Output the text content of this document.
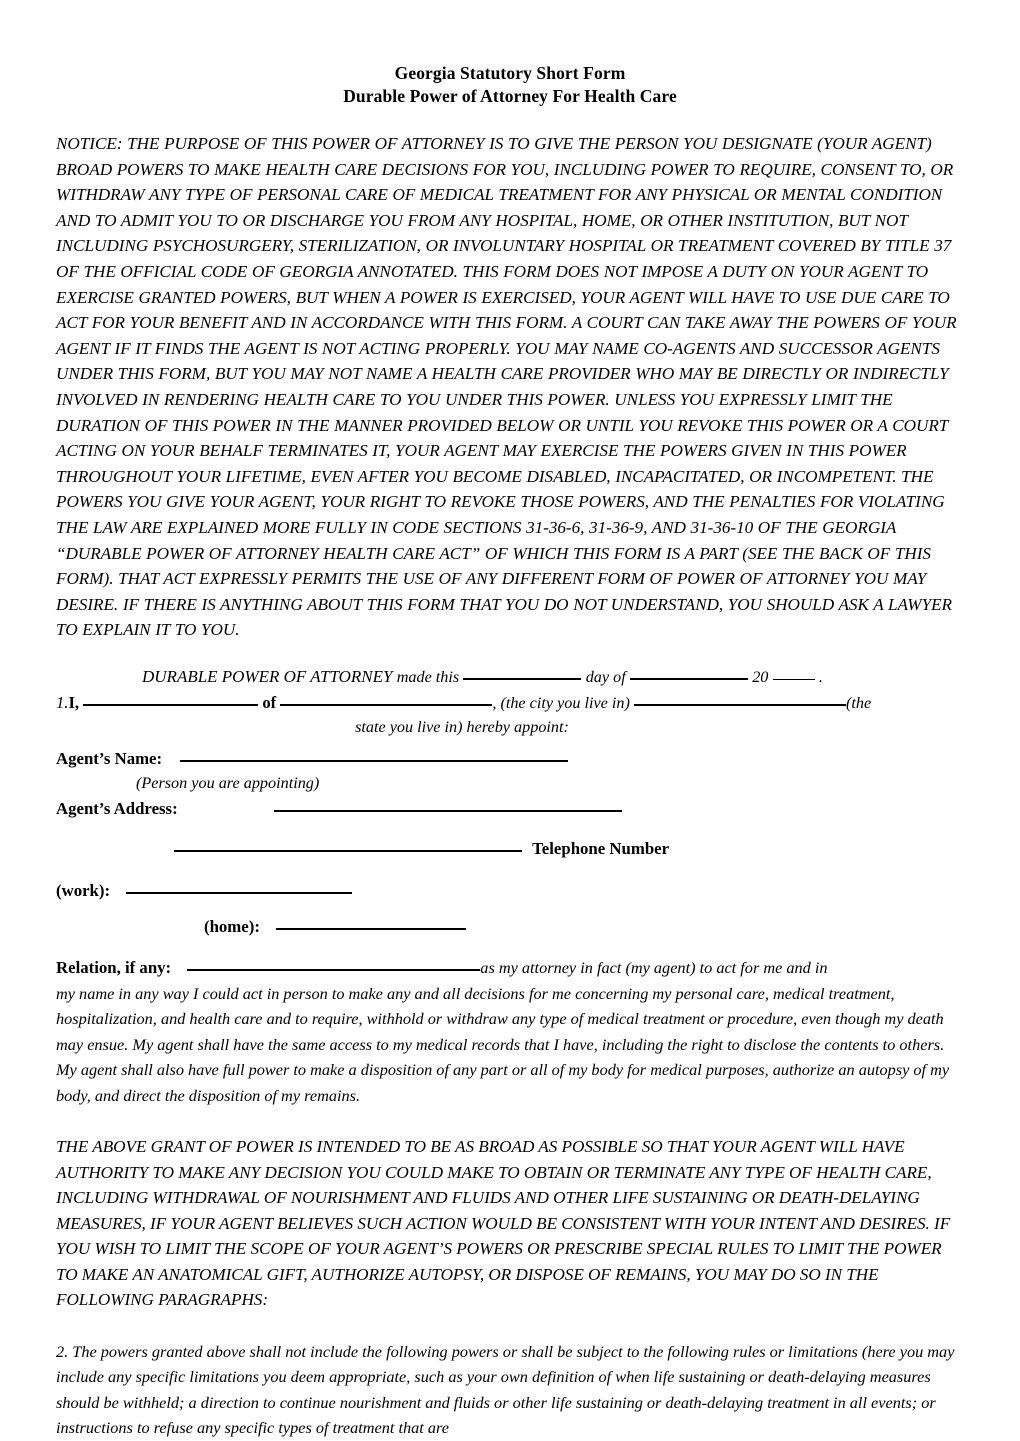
Georgia Statutory Short Form
Durable Power of Attorney For Health Care
NOTICE: THE PURPOSE OF THIS POWER OF ATTORNEY IS TO GIVE THE PERSON YOU DESIGNATE (YOUR AGENT) BROAD POWERS TO MAKE HEALTH CARE DECISIONS FOR YOU, INCLUDING POWER TO REQUIRE, CONSENT TO, OR WITHDRAW ANY TYPE OF PERSONAL CARE OF MEDICAL TREATMENT FOR ANY PHYSICAL OR MENTAL CONDITION AND TO ADMIT YOU TO OR DISCHARGE YOU FROM ANY HOSPITAL, HOME, OR OTHER INSTITUTION, BUT NOT INCLUDING PSYCHOSURGERY, STERILIZATION, OR INVOLUNTARY HOSPITAL OR TREATMENT COVERED BY TITLE 37 OF THE OFFICIAL CODE OF GEORGIA ANNOTATED. THIS FORM DOES NOT IMPOSE A DUTY ON YOUR AGENT TO EXERCISE GRANTED POWERS, BUT WHEN A POWER IS EXERCISED, YOUR AGENT WILL HAVE TO USE DUE CARE TO ACT FOR YOUR BENEFIT AND IN ACCORDANCE WITH THIS FORM. A COURT CAN TAKE AWAY THE POWERS OF YOUR AGENT IF IT FINDS THE AGENT IS NOT ACTING PROPERLY. YOU MAY NAME CO-AGENTS AND SUCCESSOR AGENTS UNDER THIS FORM, BUT YOU MAY NOT NAME A HEALTH CARE PROVIDER WHO MAY BE DIRECTLY OR INDIRECTLY INVOLVED IN RENDERING HEALTH CARE TO YOU UNDER THIS POWER. UNLESS YOU EXPRESSLY LIMIT THE DURATION OF THIS POWER IN THE MANNER PROVIDED BELOW OR UNTIL YOU REVOKE THIS POWER OR A COURT ACTING ON YOUR BEHALF TERMINATES IT, YOUR AGENT MAY EXERCISE THE POWERS GIVEN IN THIS POWER THROUGHOUT YOUR LIFETIME, EVEN AFTER YOU BECOME DISABLED, INCAPACITATED, OR INCOMPETENT. THE POWERS YOU GIVE YOUR AGENT, YOUR RIGHT TO REVOKE THOSE POWERS, AND THE PENALTIES FOR VIOLATING THE LAW ARE EXPLAINED MORE FULLY IN CODE SECTIONS 31-36-6, 31-36-9, AND 31-36-10 OF THE GEORGIA “DURABLE POWER OF ATTORNEY HEALTH CARE ACT” OF WHICH THIS FORM IS A PART (SEE THE BACK OF THIS FORM). THAT ACT EXPRESSLY PERMITS THE USE OF ANY DIFFERENT FORM OF POWER OF ATTORNEY YOU MAY DESIRE. IF THERE IS ANYTHING ABOUT THIS FORM THAT YOU DO NOT UNDERSTAND, YOU SHOULD ASK A LAWYER TO EXPLAIN IT TO YOU.
DURABLE POWER OF ATTORNEY made this	day of	20	.
1.I,	of	, (the city you live in)	(the
state you live in) hereby appoint:
Agent’s Name:
(Person you are appointing)
Agent’s Address:
Telephone Number
(work):
(home):
Relation, if any:	as my attorney in fact (my agent) to act for me and in
my name in any way I could act in person to make any and all decisions for me concerning my personal care, medical treatment, hospitalization, and health care and to require, withhold or withdraw any type of medical treatment or procedure, even though my death may ensue. My agent shall have the same access to my medical records that I have, including the right to disclose the contents to others. My agent shall also have full power to make a disposition of any part or all of my body for medical purposes, authorize an autopsy of my body, and direct the disposition of my remains.
THE ABOVE GRANT OF POWER IS INTENDED TO BE AS BROAD AS POSSIBLE SO THAT YOUR AGENT WILL HAVE AUTHORITY TO MAKE ANY DECISION YOU COULD MAKE TO OBTAIN OR TERMINATE ANY TYPE OF HEALTH CARE, INCLUDING WITHDRAWAL OF NOURISHMENT AND FLUIDS AND OTHER LIFE SUSTAINING OR DEATH-DELAYING MEASURES, IF YOUR AGENT BELIEVES SUCH ACTION WOULD BE CONSISTENT WITH YOUR INTENT AND DESIRES. IF YOU WISH TO LIMIT THE SCOPE OF YOUR AGENT’S POWERS OR PRESCRIBE SPECIAL RULES TO LIMIT THE POWER TO MAKE AN ANATOMICAL GIFT, AUTHORIZE AUTOPSY, OR DISPOSE OF REMAINS, YOU MAY DO SO IN THE FOLLOWING PARAGRAPHS:
2. The powers granted above shall not include the following powers or shall be subject to the following rules or limitations (here you may include any specific limitations you deem appropriate, such as your own definition of when life sustaining or death-delaying measures should be withheld; a direction to continue nourishment and fluids or other life sustaining or death-delaying treatment in all events; or instructions to refuse any specific types of treatment that are
